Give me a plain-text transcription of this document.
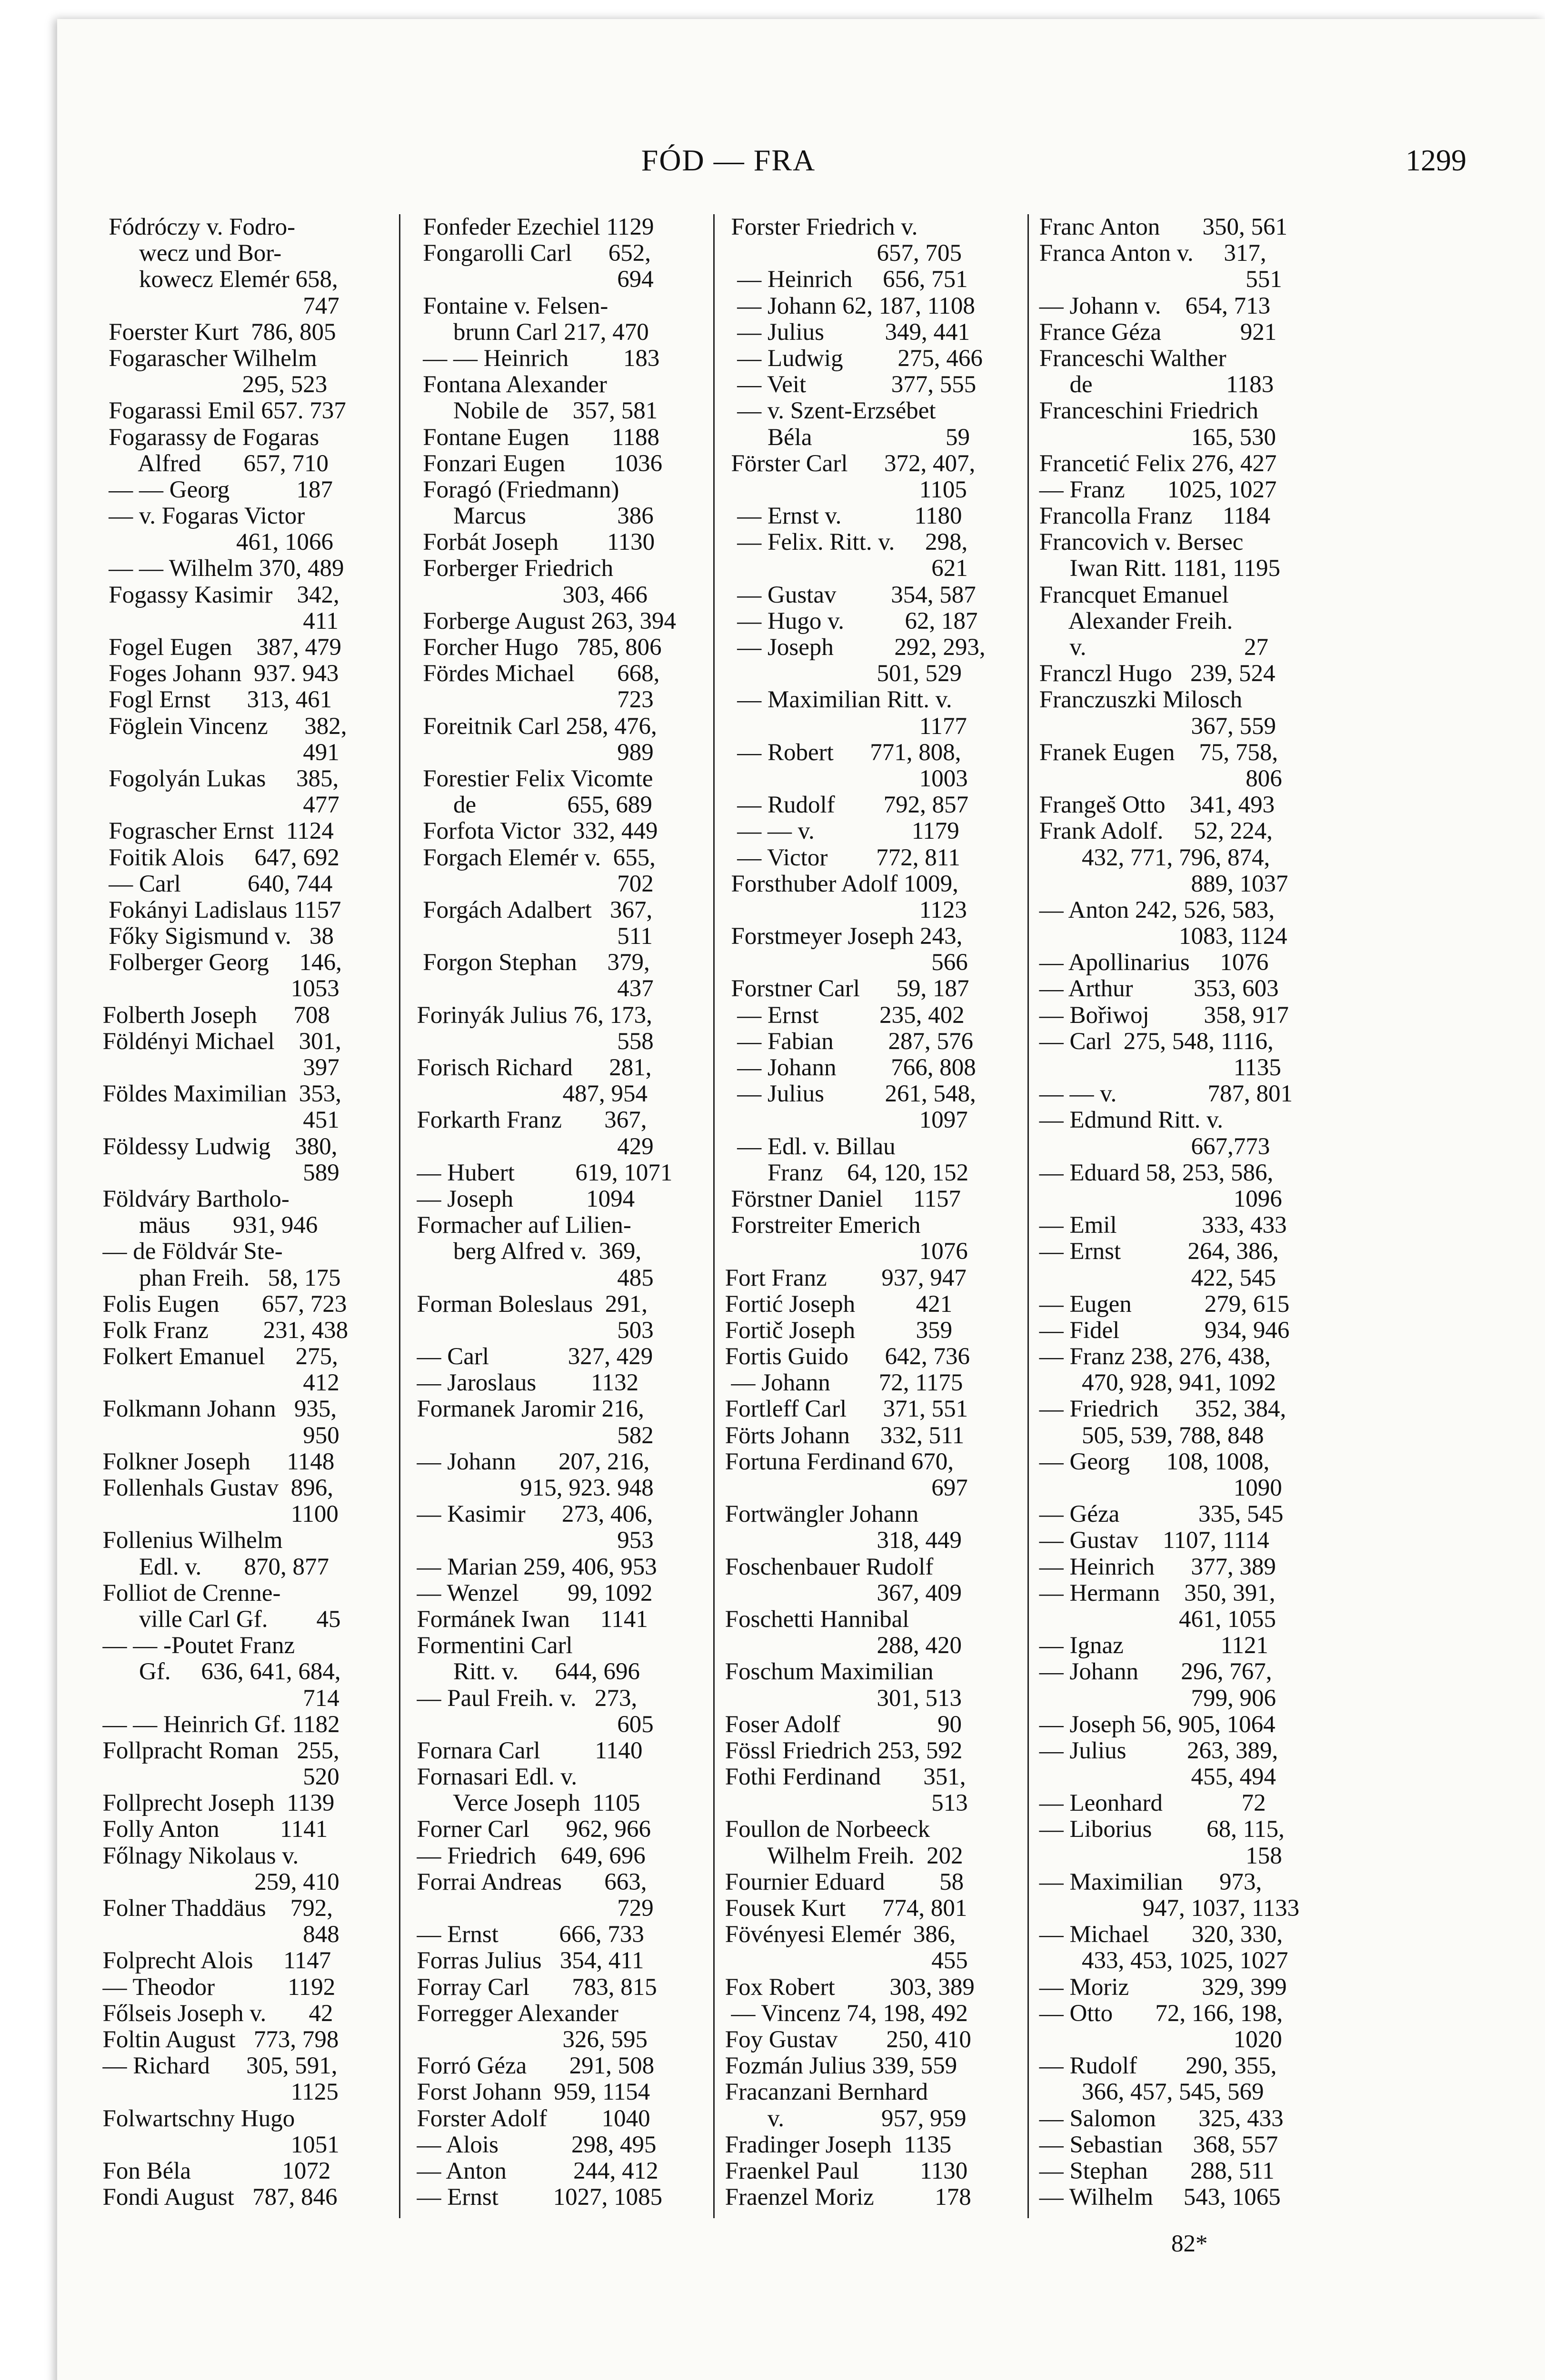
FÓD — FRA	1299
Fódróczy v. Fodro-
wecz und Bor-
kowecz Elemér 658,
747
Foerster Kurt  786, 805
Fogarascher Wilhelm
295, 523
Fogarassi Emil 657. 737
Fogarassy de Fogaras
Alfred       657, 710
— — Georg           187
— v. Fogaras Victor
461, 1066
— — Wilhelm 370, 489
Fogassy Kasimir    342,
411
Fogel Eugen    387, 479
Foges Johann  937. 943
Fogl Ernst      313, 461
Föglein Vincenz      382,
491
Fogolyán Lukas     385,
477
Fograscher Ernst  1124
Foitik Alois     647, 692
— Carl           640, 744
Fokányi Ladislaus 1157
Főky Sigismund v.   38
Folberger Georg     146,
1053
Folberth Joseph      708
Földényi Michael    301,
397
Földes Maximilian  353,
451
Földessy Ludwig    380,
589
Földváry Bartholo-
mäus       931, 946
— de Földvár Ste-
phan Freih.   58, 175
Folis Eugen       657, 723
Folk Franz         231, 438
Folkert Emanuel     275,
412
Folkmann Johann   935,
950
Folkner Joseph      1148
Follenhals Gustav  896,
1100
Follenius Wilhelm
Edl. v.       870, 877
Folliot de Crenne-
ville Carl Gf.        45
— — -Poutet Franz
Gf.     636, 641, 684,
714
— — Heinrich Gf. 1182
Follpracht Roman   255,
520
Follprecht Joseph  1139
Folly Anton          1141
Főlnagy Nikolaus v.
259, 410
Folner Thaddäus    792,
848
Folprecht Alois     1147
— Theodor            1192
Főlseis Joseph v.       42
Foltin August   773, 798
— Richard      305, 591,
1125
Folwartschny Hugo
1051
Fon Béla               1072
Fondi August   787, 846
Fonfeder Ezechiel 1129
Fongarolli Carl      652,
694
Fontaine v. Felsen-
brunn Carl 217, 470
— — Heinrich         183
Fontana Alexander
Nobile de    357, 581
Fontane Eugen       1188
Fonzari Eugen        1036
Foragó (Friedmann)
Marcus               386
Forbát Joseph        1130
Forberger Friedrich
303, 466
Forberge August 263, 394
Forcher Hugo   785, 806
Fördes Michael       668,
723
Foreitnik Carl 258, 476,
989
Forestier Felix Vicomte
de               655, 689
Forfota Victor  332, 449
Forgach Elemér v.  655,
702
Forgách Adalbert   367,
511
Forgon Stephan     379,
437
Forinyák Julius 76, 173,
558
Forisch Richard      281,
487, 954
Forkarth Franz       367,
429
— Hubert          619, 1071
— Joseph            1094
Formacher auf Lilien-
berg Alfred v.  369,
485
Forman Boleslaus  291,
503
— Carl             327, 429
— Jaroslaus         1132
Formanek Jaromir 216,
582
— Johann       207, 216,
915, 923. 948
— Kasimir      273, 406,
953
— Marian 259, 406, 953
— Wenzel        99, 1092
Formánek Iwan     1141
Formentini Carl
Ritt. v.      644, 696
— Paul Freih. v.   273,
605
Fornara Carl         1140
Fornasari Edl. v.
Verce Joseph  1105
Forner Carl      962, 966
— Friedrich    649, 696
Forrai Andreas       663,
729
— Ernst          666, 733
Forras Julius   354, 411
Forray Carl       783, 815
Forregger Alexander
326, 595
Forró Géza       291, 508
Forst Johann  959, 1154
Forster Adolf         1040
— Alois            298, 495
— Anton           244, 412
— Ernst         1027, 1085
Forster Friedrich v.
657, 705
— Heinrich     656, 751
— Johann 62, 187, 1108
— Julius          349, 441
— Ludwig         275, 466
— Veit              377, 555
— v. Szent-Erzsébet
Béla                      59
Förster Carl      372, 407,
1105
— Ernst v.            1180
— Felix. Ritt. v.     298,
621
— Gustav         354, 587
— Hugo v.          62, 187
— Joseph          292, 293,
501, 529
— Maximilian Ritt. v.
1177
— Robert      771, 808,
1003
— Rudolf        792, 857
— — v.                1179
— Victor        772, 811
Forsthuber Adolf 1009,
1123
Forstmeyer Joseph 243,
566
Forstner Carl      59, 187
— Ernst          235, 402
— Fabian         287, 576
— Johann         766, 808
— Julius          261, 548,
1097
— Edl. v. Billau
Franz    64, 120, 152
Förstner Daniel     1157
Forstreiter Emerich
1076
Fort Franz         937, 947
Fortić Joseph          421
Fortič Joseph          359
Fortis Guido      642, 736
— Johann        72, 1175
Fortleff Carl      371, 551
Förts Johann     332, 511
Fortuna Ferdinand 670,
697
Fortwängler Johann
318, 449
Foschenbauer Rudolf
367, 409
Foschetti Hannibal
288, 420
Foschum Maximilian
301, 513
Foser Adolf                90
Fössl Friedrich 253, 592
Fothi Ferdinand       351,
513
Foullon de Norbeeck
Wilhelm Freih.  202
Fournier Eduard         58
Fousek Kurt      774, 801
Fövényesi Elemér  386,
455
Fox Robert         303, 389
— Vincenz 74, 198, 492
Foy Gustav        250, 410
Fozmán Julius 339, 559
Fracanzani Bernhard
v.                957, 959
Fradinger Joseph  1135
Fraenkel Paul          1130
Fraenzel Moriz          178
Franc Anton       350, 561
Franca Anton v.     317,
551
— Johann v.    654, 713
France Géza             921
Franceschi Walther
de                      1183
Franceschini Friedrich
165, 530
Francetić Felix 276, 427
— Franz       1025, 1027
Francolla Franz     1184
Francovich v. Bersec
Iwan Ritt. 1181, 1195
Francquet Emanuel
Alexander Freih.
v.                          27
Franczl Hugo   239, 524
Franczuszki Milosch
367, 559
Franek Eugen    75, 758,
806
Frangeš Otto    341, 493
Frank Adolf.     52, 224,
432, 771, 796, 874,
889, 1037
— Anton 242, 526, 583,
1083, 1124
— Apollinarius     1076
— Arthur          353, 603
— Bořiwoj         358, 917
— Carl  275, 548, 1116,
1135
— — v.               787, 801
— Edmund Ritt. v.
667,773
— Eduard 58, 253, 586,
1096
— Emil              333, 433
— Ernst           264, 386,
422, 545
— Eugen            279, 615
— Fidel              934, 946
— Franz 238, 276, 438,
470, 928, 941, 1092
— Friedrich      352, 384,
505, 539, 788, 848
— Georg      108, 1008,
1090
— Géza             335, 545
— Gustav    1107, 1114
— Heinrich      377, 389
— Hermann    350, 391,
461, 1055
— Ignaz                1121
— Johann       296, 767,
799, 906
— Joseph 56, 905, 1064
— Julius          263, 389,
455, 494
— Leonhard             72
— Liborius         68, 115,
158
— Maximilian      973,
947, 1037, 1133
— Michael       320, 330,
433, 453, 1025, 1027
— Moriz            329, 399
— Otto       72, 166, 198,
1020
— Rudolf        290, 355,
366, 457, 545, 569
— Salomon       325, 433
— Sebastian     368, 557
— Stephan       288, 511
— Wilhelm     543, 1065
82*
